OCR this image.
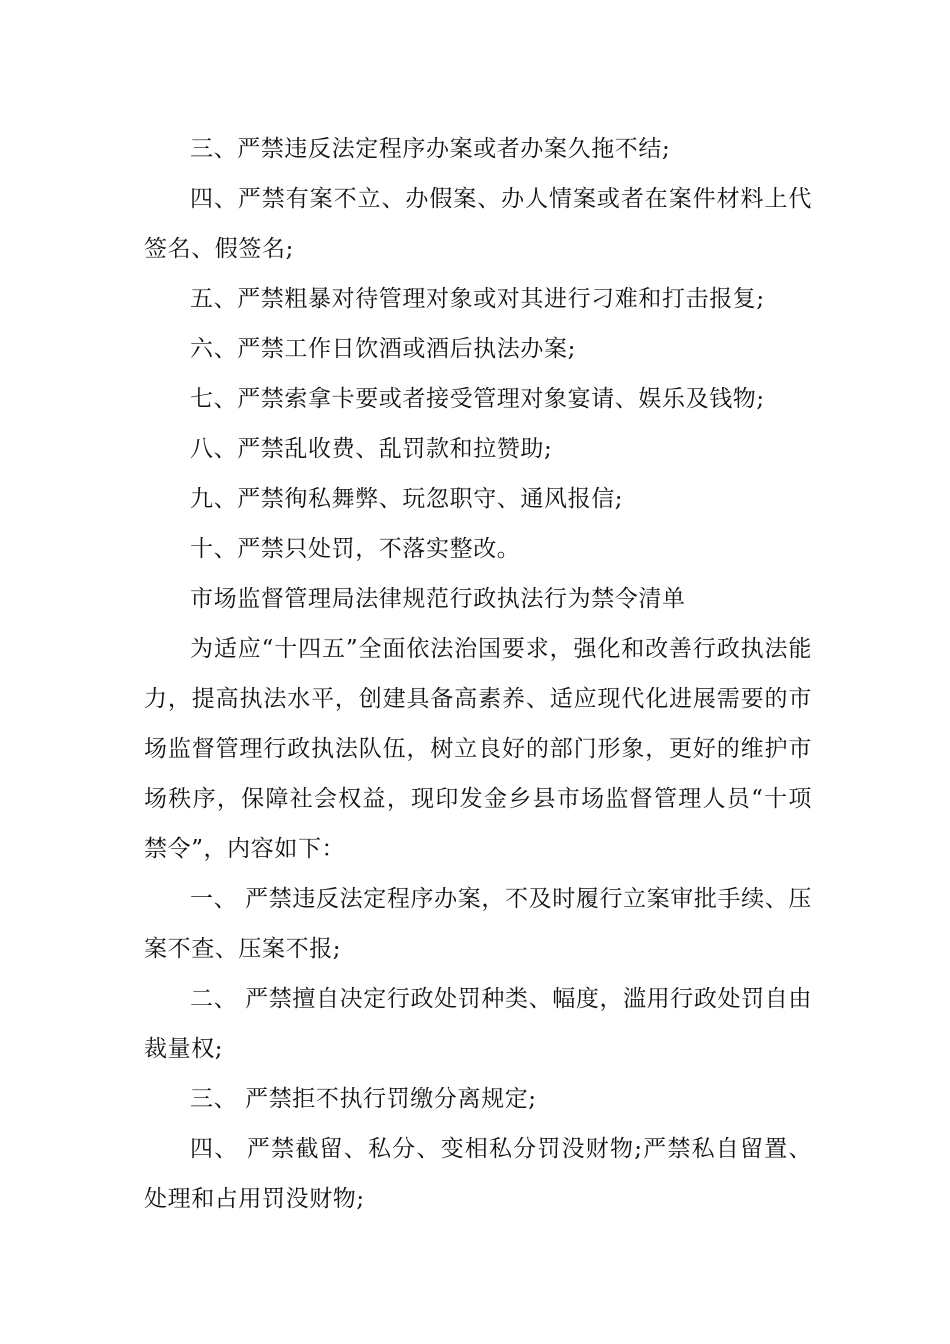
三、严禁违反法定程序办案或者办案久拖不结;

四、严禁有案不立、办假案、办人情案或者在案件材料上代签名、假签名;

五、严禁粗暴对待管理对象或对其进行刁难和打击报复;

六、严禁工作日饮酒或酒后执法办案;

七、严禁索拿卡要或者接受管理对象宴请、娱乐及钱物;

八、严禁乱收费、乱罚款和拉赞助;

九、严禁徇私舞弊、玩忽职守、通风报信;

十、严禁只处罚，不落实整改。

市场监督管理局法律规范行政执法行为禁令清单

为适应“十四五”全面依法治国要求，强化和改善行政执法能力，提高执法水平，创建具备高素养、适应现代化进展需要的市场监督管理行政执法队伍，树立良好的部门形象，更好的维护市场秩序，保障社会权益，现印发金乡县市场监督管理人员“十项禁令”，内容如下：

一、 严禁违反法定程序办案，不及时履行立案审批手续、压案不查、压案不报;

二、 严禁擅自决定行政处罚种类、幅度，滥用行政处罚自由裁量权;

三、 严禁拒不执行罚缴分离规定;

四、 严禁截留、私分、变相私分罚没财物;严禁私自留置、处理和占用罚没财物;
